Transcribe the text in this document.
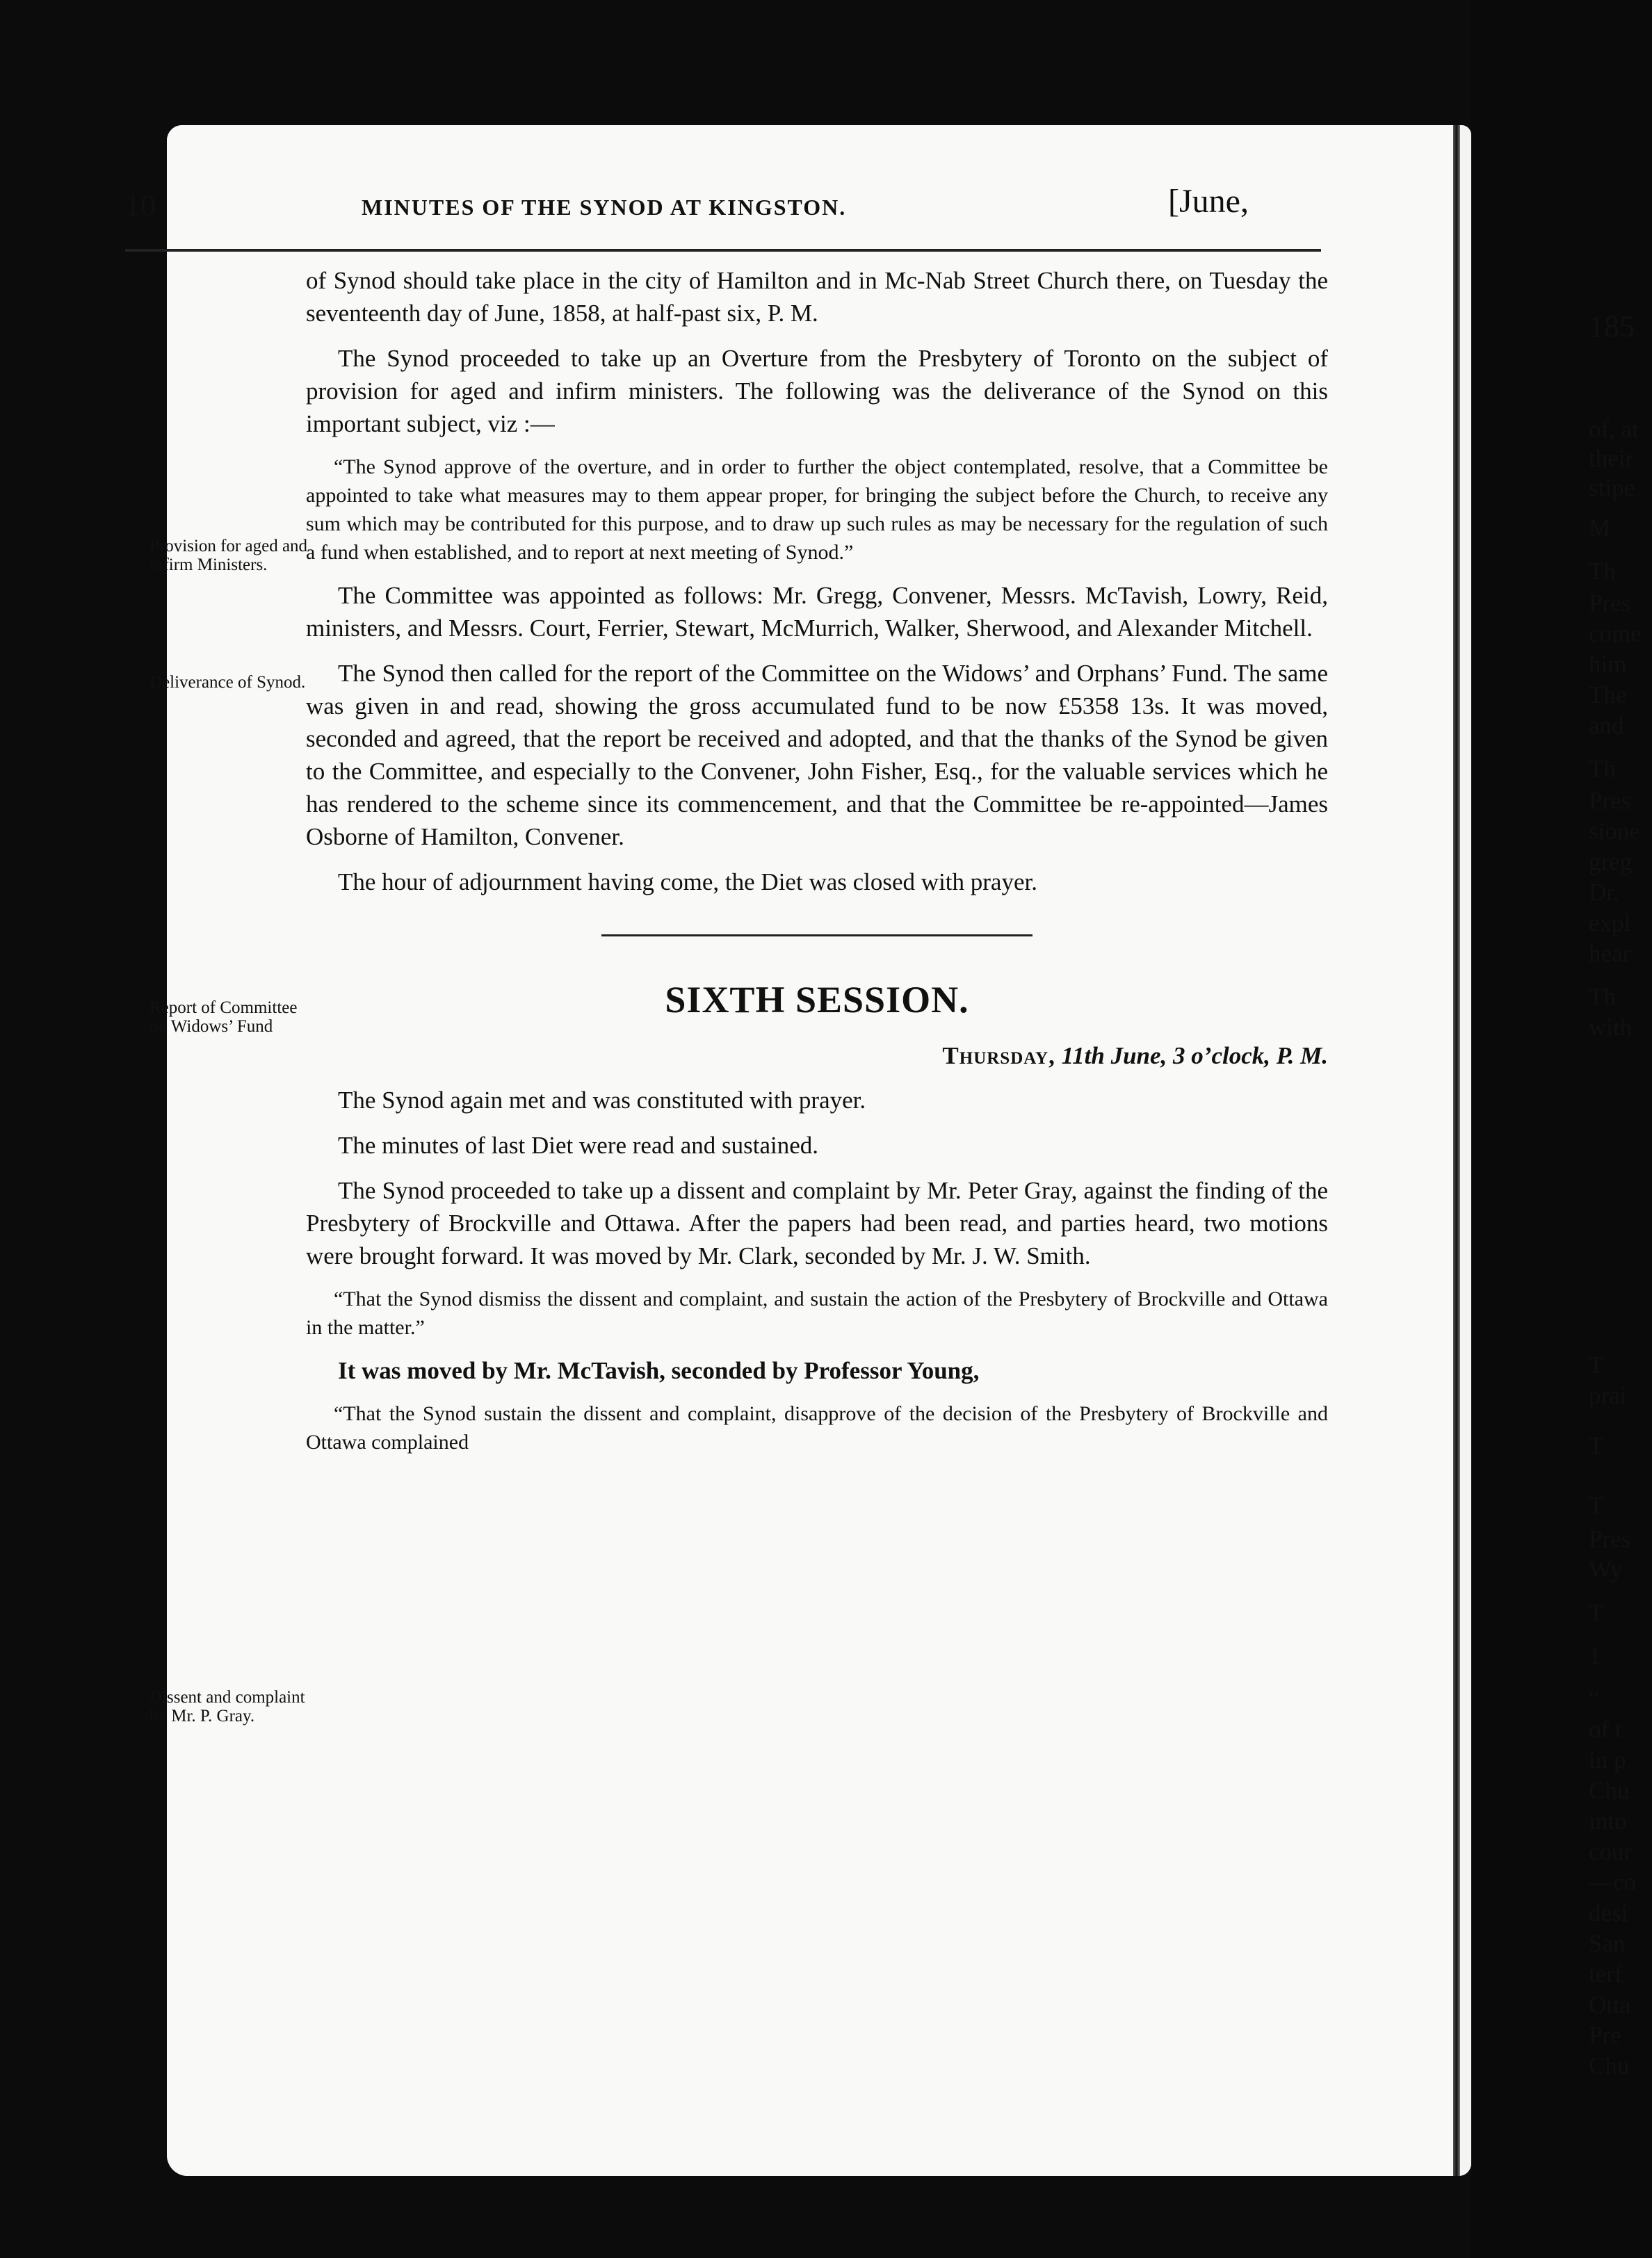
10	MINUTES OF THE SYNOD AT KINGSTON.	[June,
Provision for aged and infirm Ministers.
Deliverance of Synod.
Report of Committee on Widows’ Fund
Dissent and complaint by Mr. P. Gray.

of Synod should take place in the city of Hamilton and in Mc-Nab Street Church there, on Tuesday the seventeenth day of June, 1858, at half-past six, P. M.

The Synod proceeded to take up an Overture from the Presbytery of Toronto on the subject of provision for aged and infirm ministers. The following was the deliverance of the Synod on this important subject, viz :—

“The Synod approve of the overture, and in order to further the object contemplated, resolve, that a Committee be appointed to take what measures may to them appear proper, for bringing the subject before the Church, to receive any sum which may be contributed for this purpose, and to draw up such rules as may be necessary for the regulation of such a fund when established, and to report at next meeting of Synod.”

The Committee was appointed as follows: Mr. Gregg, Convener, Messrs. McTavish, Lowry, Reid, ministers, and Messrs. Court, Ferrier, Stewart, McMurrich, Walker, Sherwood, and Alexander Mitchell.

The Synod then called for the report of the Committee on the Widows’ and Orphans’ Fund. The same was given in and read, showing the gross accumulated fund to be now £5358 13s. It was moved, seconded and agreed, that the report be received and adopted, and that the thanks of the Synod be given to the Committee, and especially to the Convener, John Fisher, Esq., for the valuable services which he has rendered to the scheme since its commencement, and that the Committee be re-appointed—James Osborne of Hamilton, Convener.

The hour of adjournment having come, the Diet was closed with prayer.

SIXTH SESSION.

Thursday, 11th June, 3 o’clock, P. M.

The Synod again met and was constituted with prayer.

The minutes of last Diet were read and sustained.

The Synod proceeded to take up a dissent and complaint by Mr. Peter Gray, against the finding of the Presbytery of Brockville and Ottawa. After the papers had been read, and parties heard, two motions were brought forward. It was moved by Mr. Clark, seconded by Mr. J. W. Smith.

“That the Synod dismiss the dissent and complaint, and sustain the action of the Presbytery of Brockville and Ottawa in the matter.”

It was moved by Mr. McTavish, seconded by Professor Young,

“That the Synod sustain the dissent and complaint, disapprove of the decision of the Presbytery of Brockville and Ottawa complained

185
of, at
their
stipe
M
Th
Pres
come
him
The
and
Th
Pres
sione
greg
Dr.
expl
hear
Th
with
T
prai
T
T
Pres
Wy
T
1
“
of t
in p
Chu
into
cour
—co
desi
San
terf
Otta
Pre
Chu
